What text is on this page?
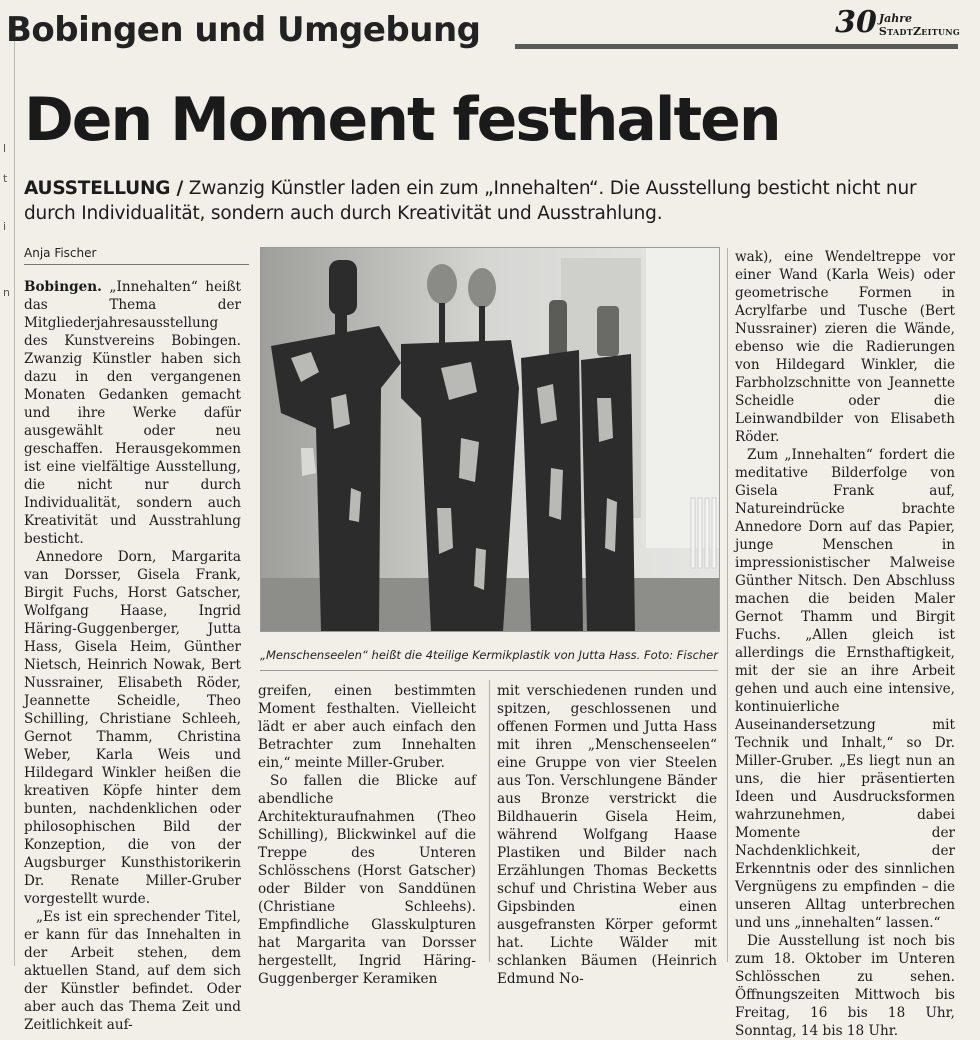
l
t
i
n
Bobingen und Umgebung	30 Jahre
StadtZeitung
Den Moment festhalten
AUSSTELLUNG / Zwanzig Künstler laden ein zum „Innehalten“. Die Ausstellung besticht nicht nur durch Individualität, sondern auch durch Kreativität und Ausstrahlung.
Anja Fischer

Bobingen. „Innehalten“ heißt das Thema der Mitgliederjahresausstellung des Kunstvereins Bobingen. Zwanzig Künstler haben sich dazu in den vergangenen Monaten Gedanken gemacht und ihre Werke dafür ausgewählt oder neu geschaffen. Herausgekommen ist eine vielfältige Ausstellung, die nicht nur durch Individualität, sondern auch Kreativität und Ausstrahlung besticht.

Annedore Dorn, Margarita van Dorsser, Gisela Frank, Birgit Fuchs, Horst Gatscher, Wolfgang Haase, Ingrid Häring-Guggenberger, Jutta Hass, Gisela Heim, Günther Nietsch, Heinrich Nowak, Bert Nussrainer, Elisabeth Röder, Jeannette Scheidle, Theo Schilling, Christiane Schleeh, Gernot Thamm, Christina Weber, Karla Weis und Hildegard Winkler heißen die kreativen Köpfe hinter dem bunten, nachdenklichen oder philosophischen Bild der Konzeption, die von der Augsburger Kunsthistorikerin Dr. Renate Miller-Gruber vorgestellt wurde.

„Es ist ein sprechender Titel, er kann für das Innehalten in der Arbeit stehen, dem aktuellen Stand, auf dem sich der Künstler befindet. Oder aber auch das Thema Zeit und Zeitlichkeit auf-

„Menschenseelen“ heißt die 4teilige Kermikplastik von Jutta Hass. Foto: Fischer

greifen, einen bestimmten Moment festhalten. Vielleicht lädt er aber auch einfach den Betrachter zum Innehalten ein,“ meinte Miller-Gruber.

So fallen die Blicke auf abendliche Architekturaufnahmen (Theo Schilling), Blickwinkel auf die Treppe des Unteren Schlösschens (Horst Gatscher) oder Bilder von Sanddünen (Christiane Schleehs). Empfindliche Glasskulpturen hat Margarita van Dorsser hergestellt, Ingrid Häring-Guggenberger Keramiken

mit verschiedenen runden und spitzen, geschlossenen und offenen Formen und Jutta Hass mit ihren „Menschenseelen“ eine Gruppe von vier Steelen aus Ton. Verschlungene Bänder aus Bronze verstrickt die Bildhauerin Gisela Heim, während Wolfgang Haase Plastiken und Bilder nach Erzählungen Thomas Becketts schuf und Christina Weber aus Gipsbinden einen ausgefransten Körper geformt hat. Lichte Wälder mit schlanken Bäumen (Heinrich Edmund No-

wak), eine Wendeltreppe vor einer Wand (Karla Weis) oder geometrische Formen in Acrylfarbe und Tusche (Bert Nussrainer) zieren die Wände, ebenso wie die Radierungen von Hildegard Winkler, die Farbholzschnitte von Jeannette Scheidle oder die Leinwandbilder von Elisabeth Röder.

Zum „Innehalten“ fordert die meditative Bilderfolge von Gisela Frank auf, Natureindrücke brachte Annedore Dorn auf das Papier, junge Menschen in impressionistischer Malweise Günther Nitsch. Den Abschluss machen die beiden Maler Gernot Thamm und Birgit Fuchs. „Allen gleich ist allerdings die Ernsthaftigkeit, mit der sie an ihre Arbeit gehen und auch eine intensive, kontinuierliche Auseinandersetzung mit Technik und Inhalt,“ so Dr. Miller-Gruber. „Es liegt nun an uns, die hier präsentierten Ideen und Ausdrucksformen wahrzunehmen, dabei Momente der Nachdenklichkeit, der Erkenntnis oder des sinnlichen Vergnügens zu empfinden – die unseren Alltag unterbrechen und uns „innehalten“ lassen.“

Die Ausstellung ist noch bis zum 18. Oktober im Unteren Schlösschen zu sehen. Öffnungszeiten Mittwoch bis Freitag, 16 bis 18 Uhr, Sonntag, 14 bis 18 Uhr.
